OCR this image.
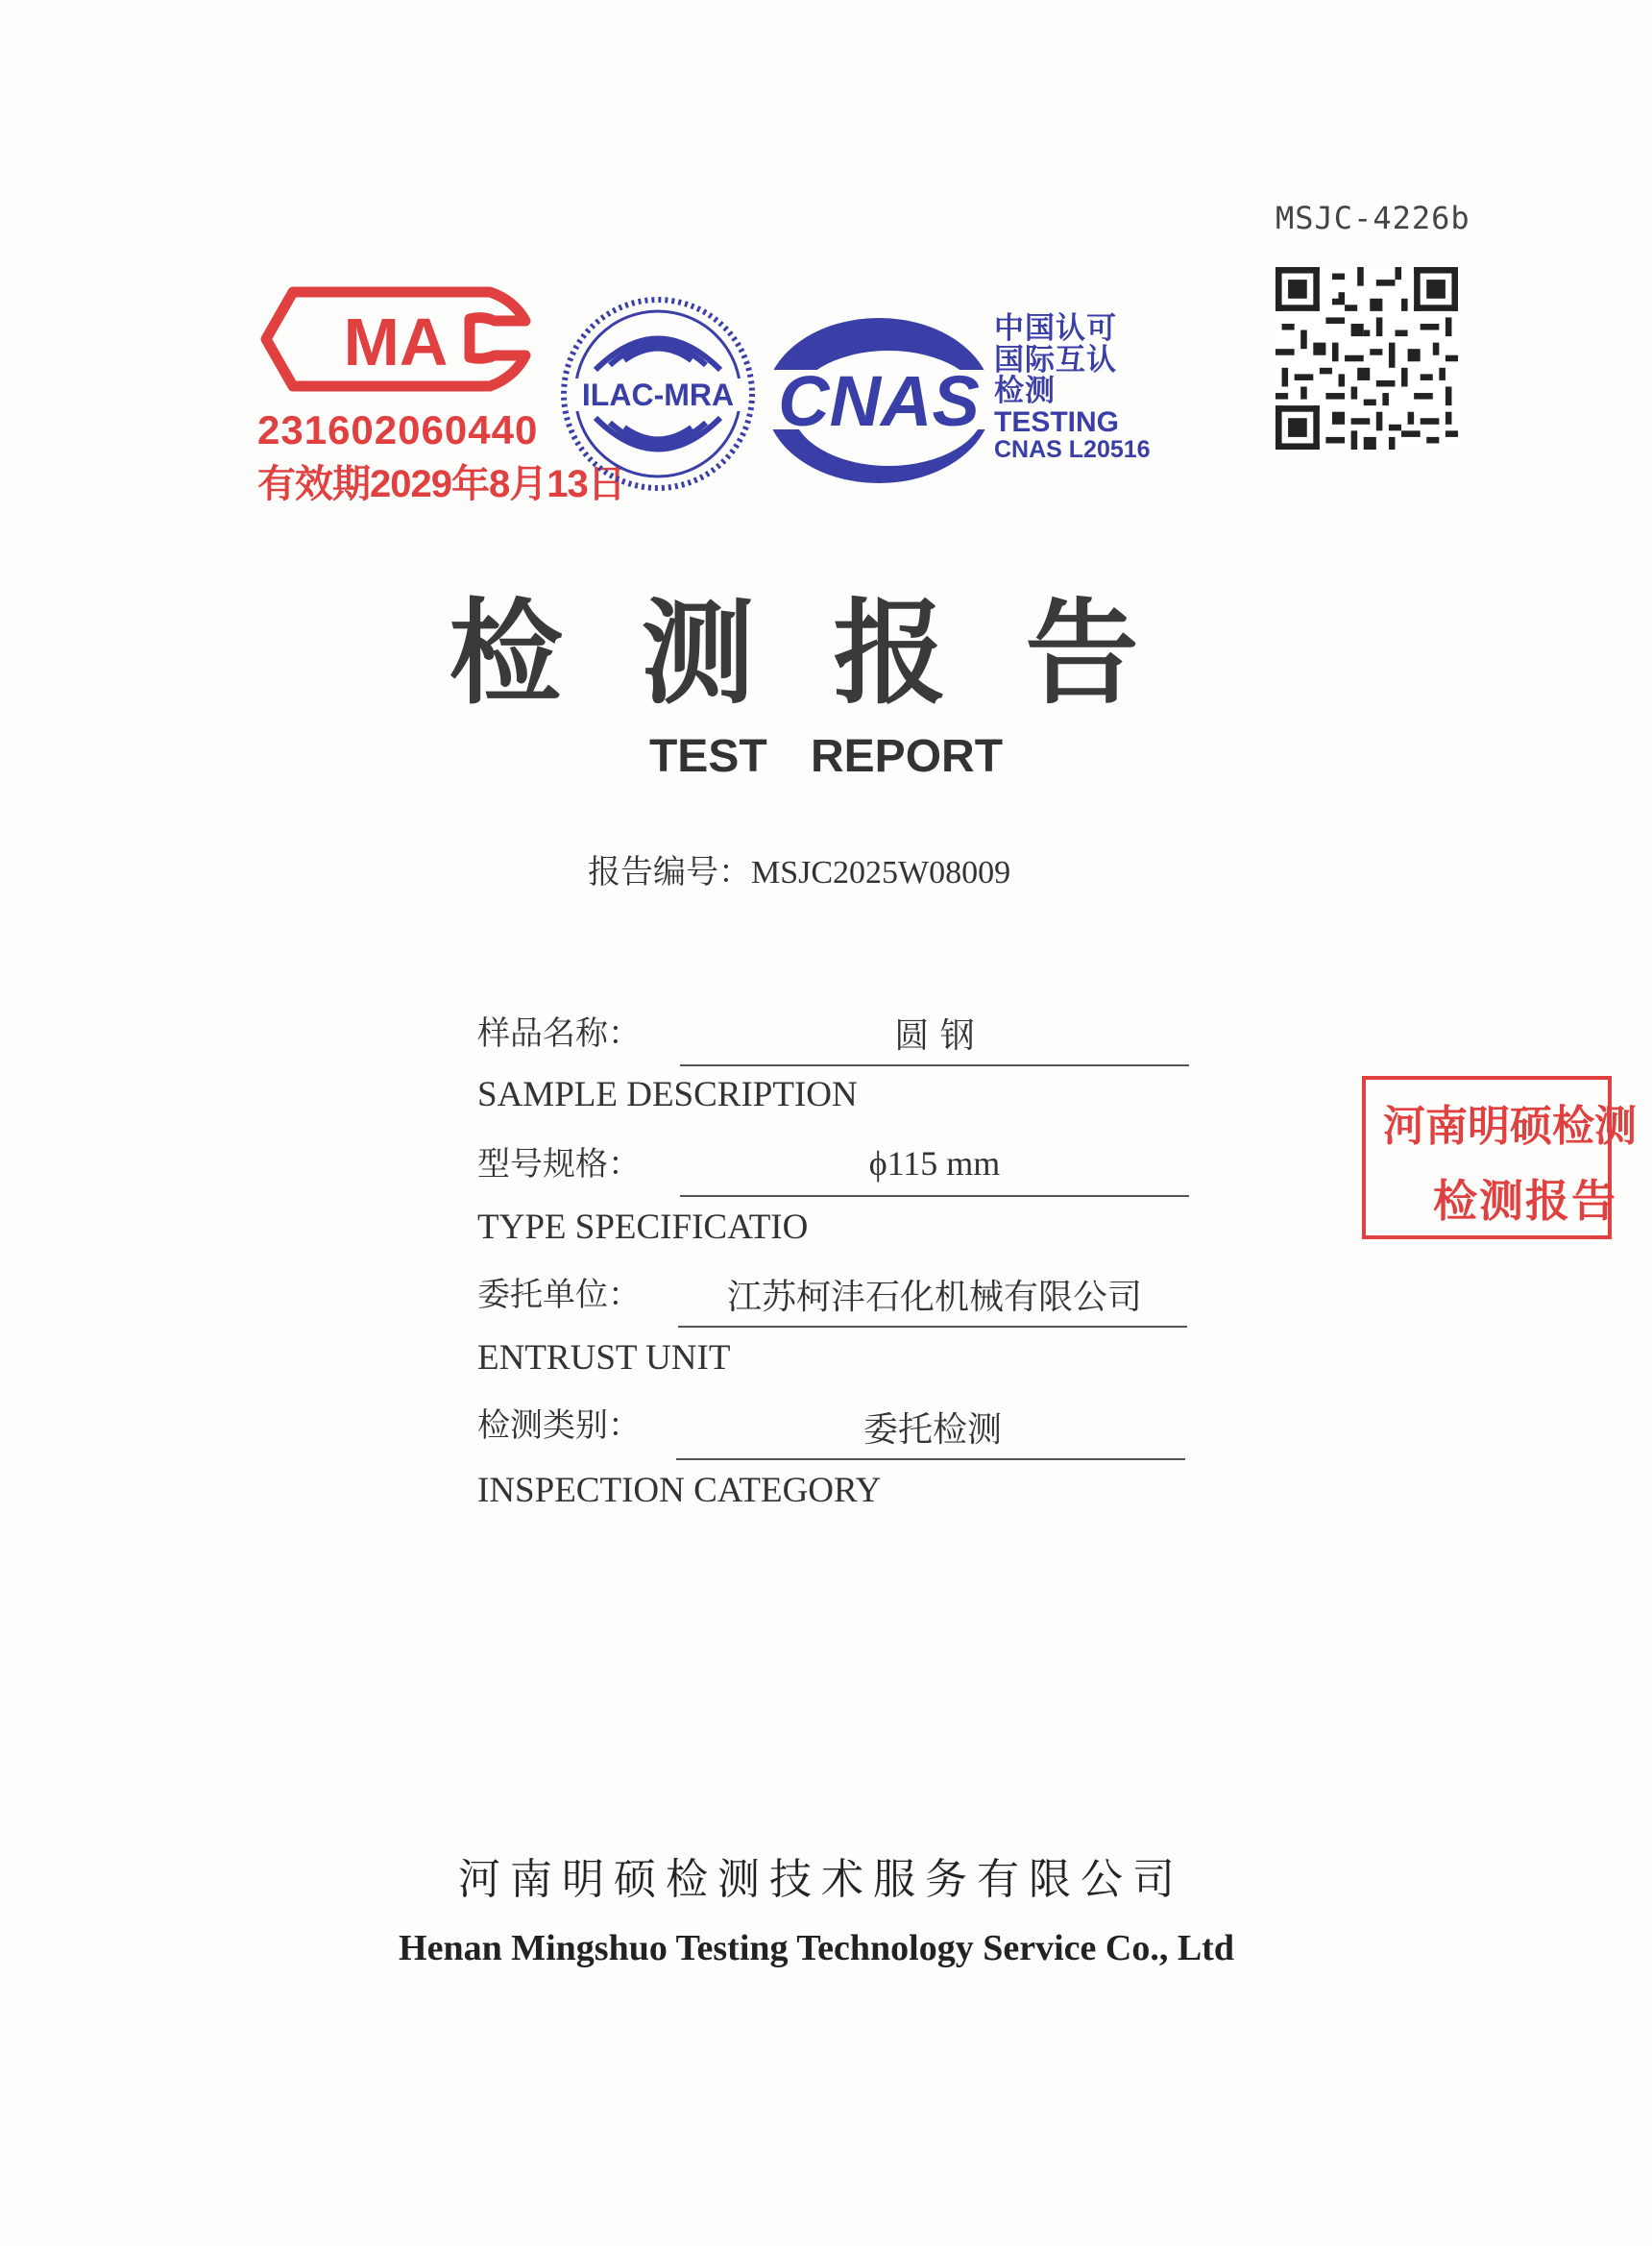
MSJC-4226b
MA
231602060440
有效期2029年8月13日
ILAC-MRA CNAS
中国认可
国际互认
检测
TESTING
CNAS L20516
检测报告
TEST REPORT
报告编号：MSJC2025W08009
样品名称：	圆 钢
SAMPLE DESCRIPTION
型号规格：	ϕ115 mm
TYPE SPECIFICATIO
委托单位：	江苏柯沣石化机械有限公司
ENTRUST UNIT
检测类别：	委托检测
INSPECTION CATEGORY
河南明硕检测
检测报告
河南明硕检测技术服务有限公司
Henan Mingshuo Testing Technology Service Co., Ltd
